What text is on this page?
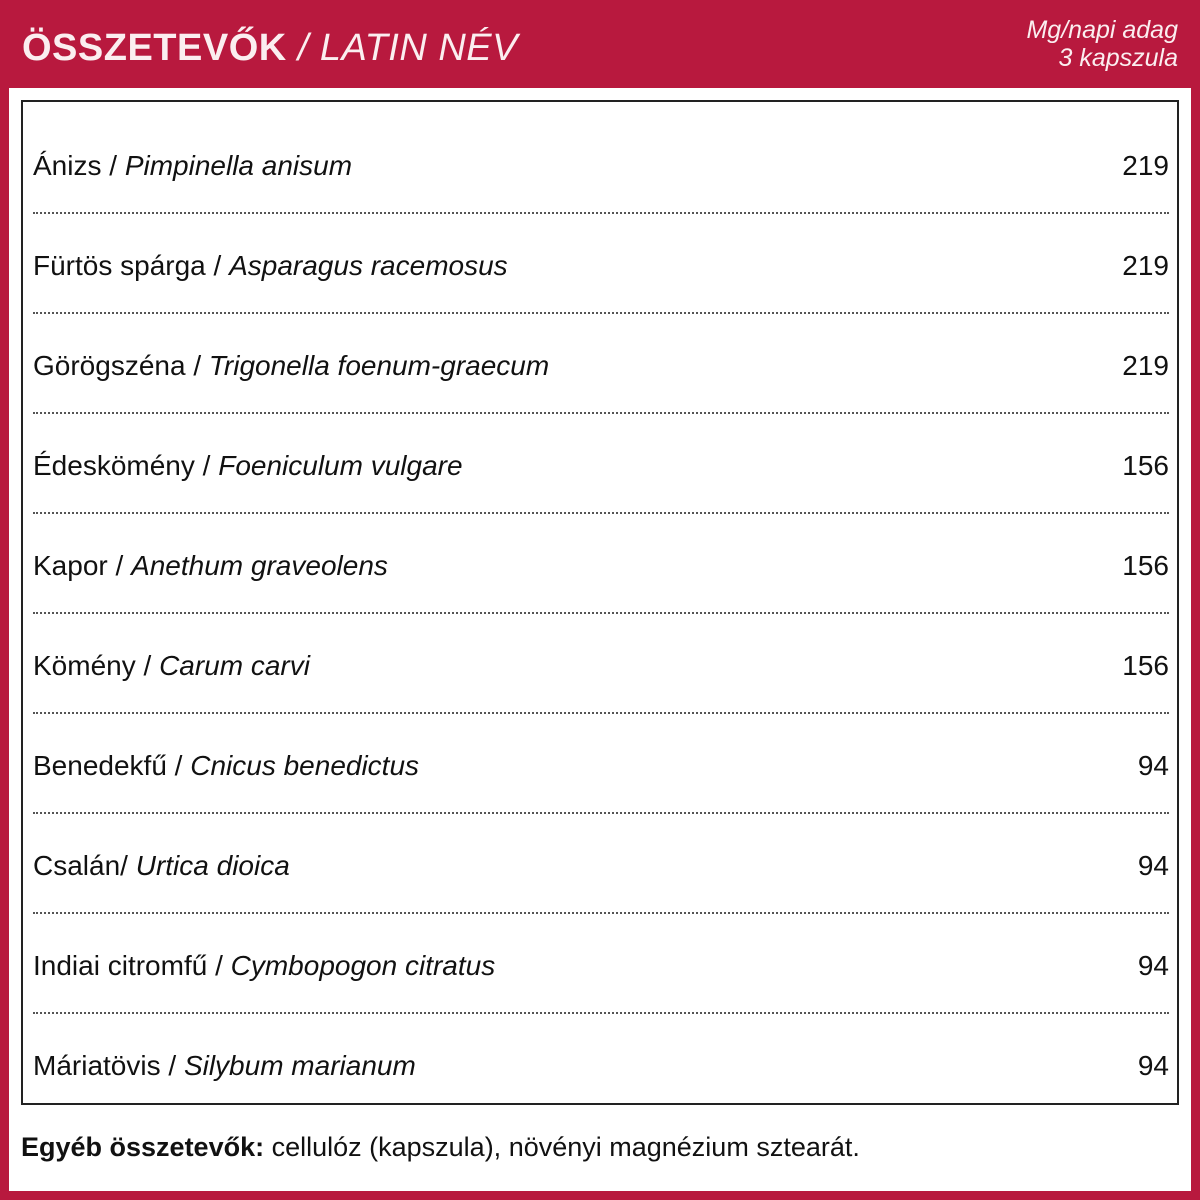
ÖSSZETEVŐK / LATIN NÉV	Mg/napi adag
3 kapszula
Ánizs / Pimpinella anisum	219
Fürtös spárga / Asparagus racemosus	219
Görögszéna / Trigonella foenum-graecum	219
Édeskömény / Foeniculum vulgare	156
Kapor / Anethum graveolens	156
Kömény / Carum carvi	156
Benedekfű / Cnicus benedictus	94
Csalán/ Urtica dioica	94
Indiai citromfű / Cymbopogon citratus	94
Máriatövis / Silybum marianum	94
Egyéb összetevők: cellulóz (kapszula), növényi magnézium sztearát.
